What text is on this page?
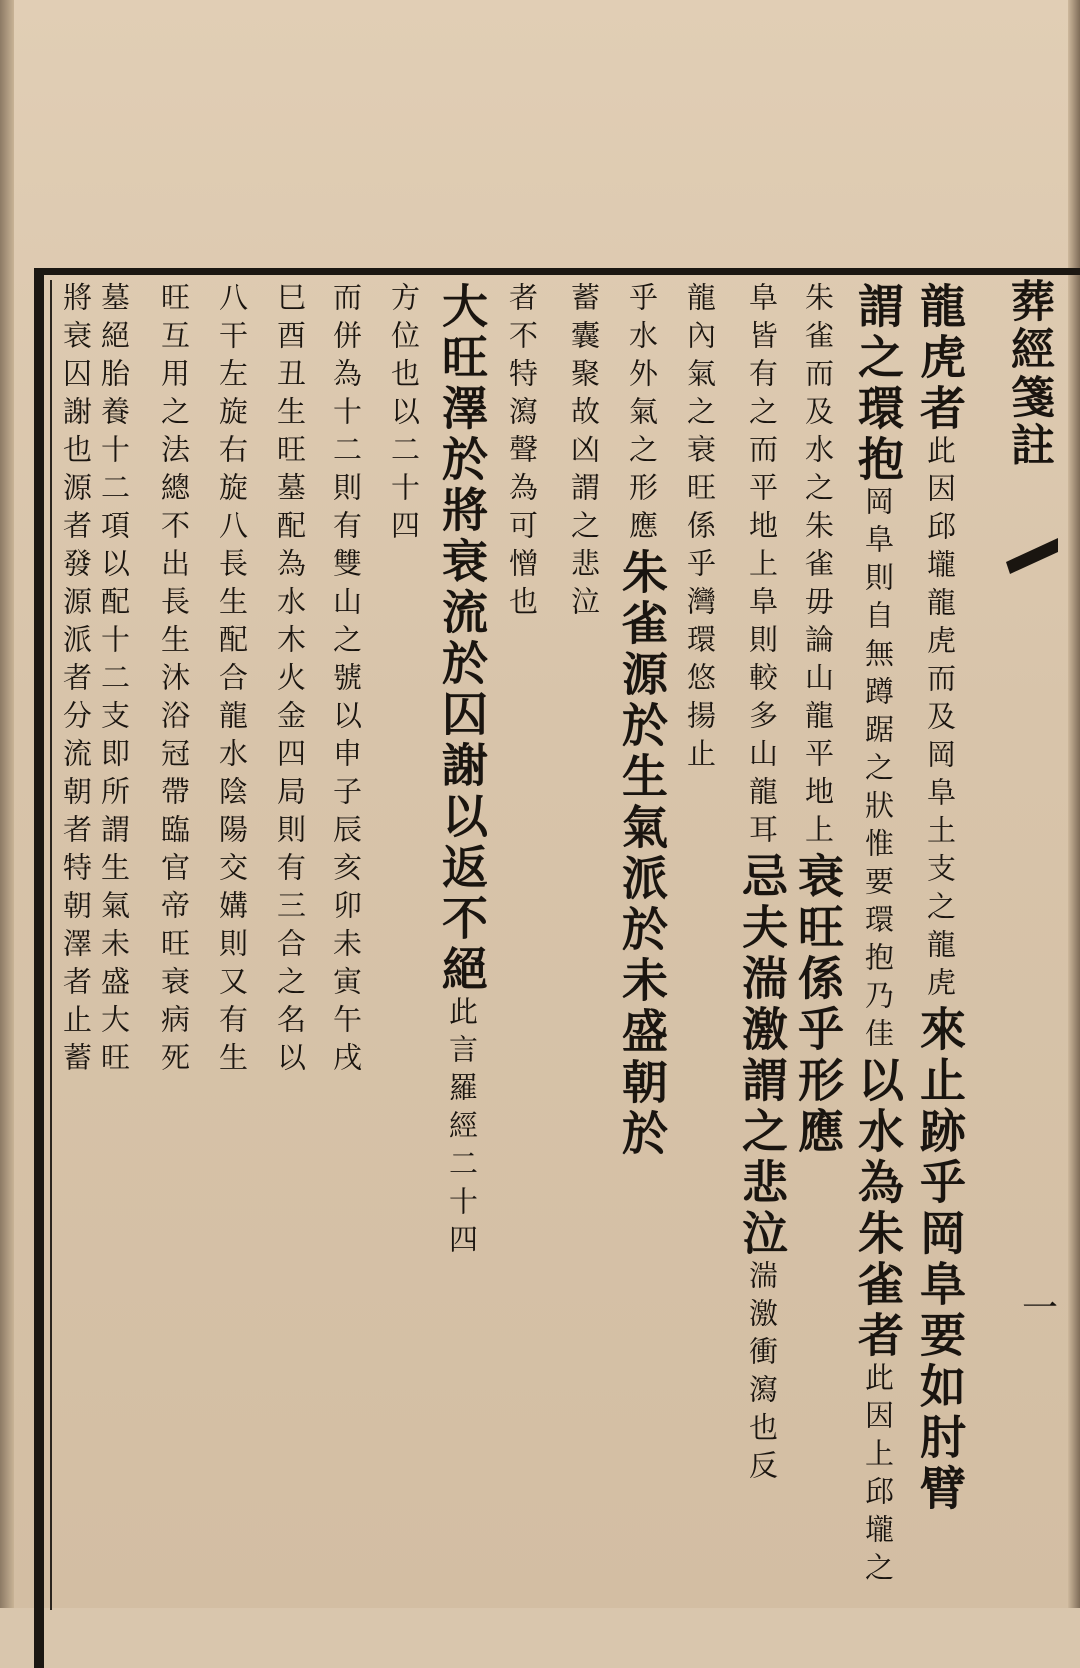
葬經箋註
一
龍虎者此因邱壠龍虎而及岡阜土支之龍虎來止跡乎岡阜要如肘臂
謂之環抱岡阜則自無蹲踞之狀惟要環抱乃佳以水為朱雀者此因上邱壠之
朱雀而及水之朱雀毋論山龍平地上衰旺係乎形應
阜皆有之而平地上阜則較多山龍耳忌夫湍激謂之悲泣湍激衝瀉也反
龍內氣之衰旺係乎灣環悠揚止
乎水外氣之形應朱雀源於生氣派於未盛朝於
蓄囊聚故凶謂之悲泣
者不特瀉聲為可憎也
大旺澤於將衰流於囚謝以返不絕此言羅經二十四
方位也以二十四
而併為十二則有雙山之號以申子辰亥卯未寅午戌
巳酉丑生旺墓配為水木火金四局則有三合之名以
八干左旋右旋八長生配合龍水陰陽交媾則又有生
旺互用之法總不出長生沐浴冠帶臨官帝旺衰病死
墓絕胎養十二項以配十二支即所謂生氣未盛大旺
將衰囚謝也源者發源派者分流朝者特朝澤者止蓄
